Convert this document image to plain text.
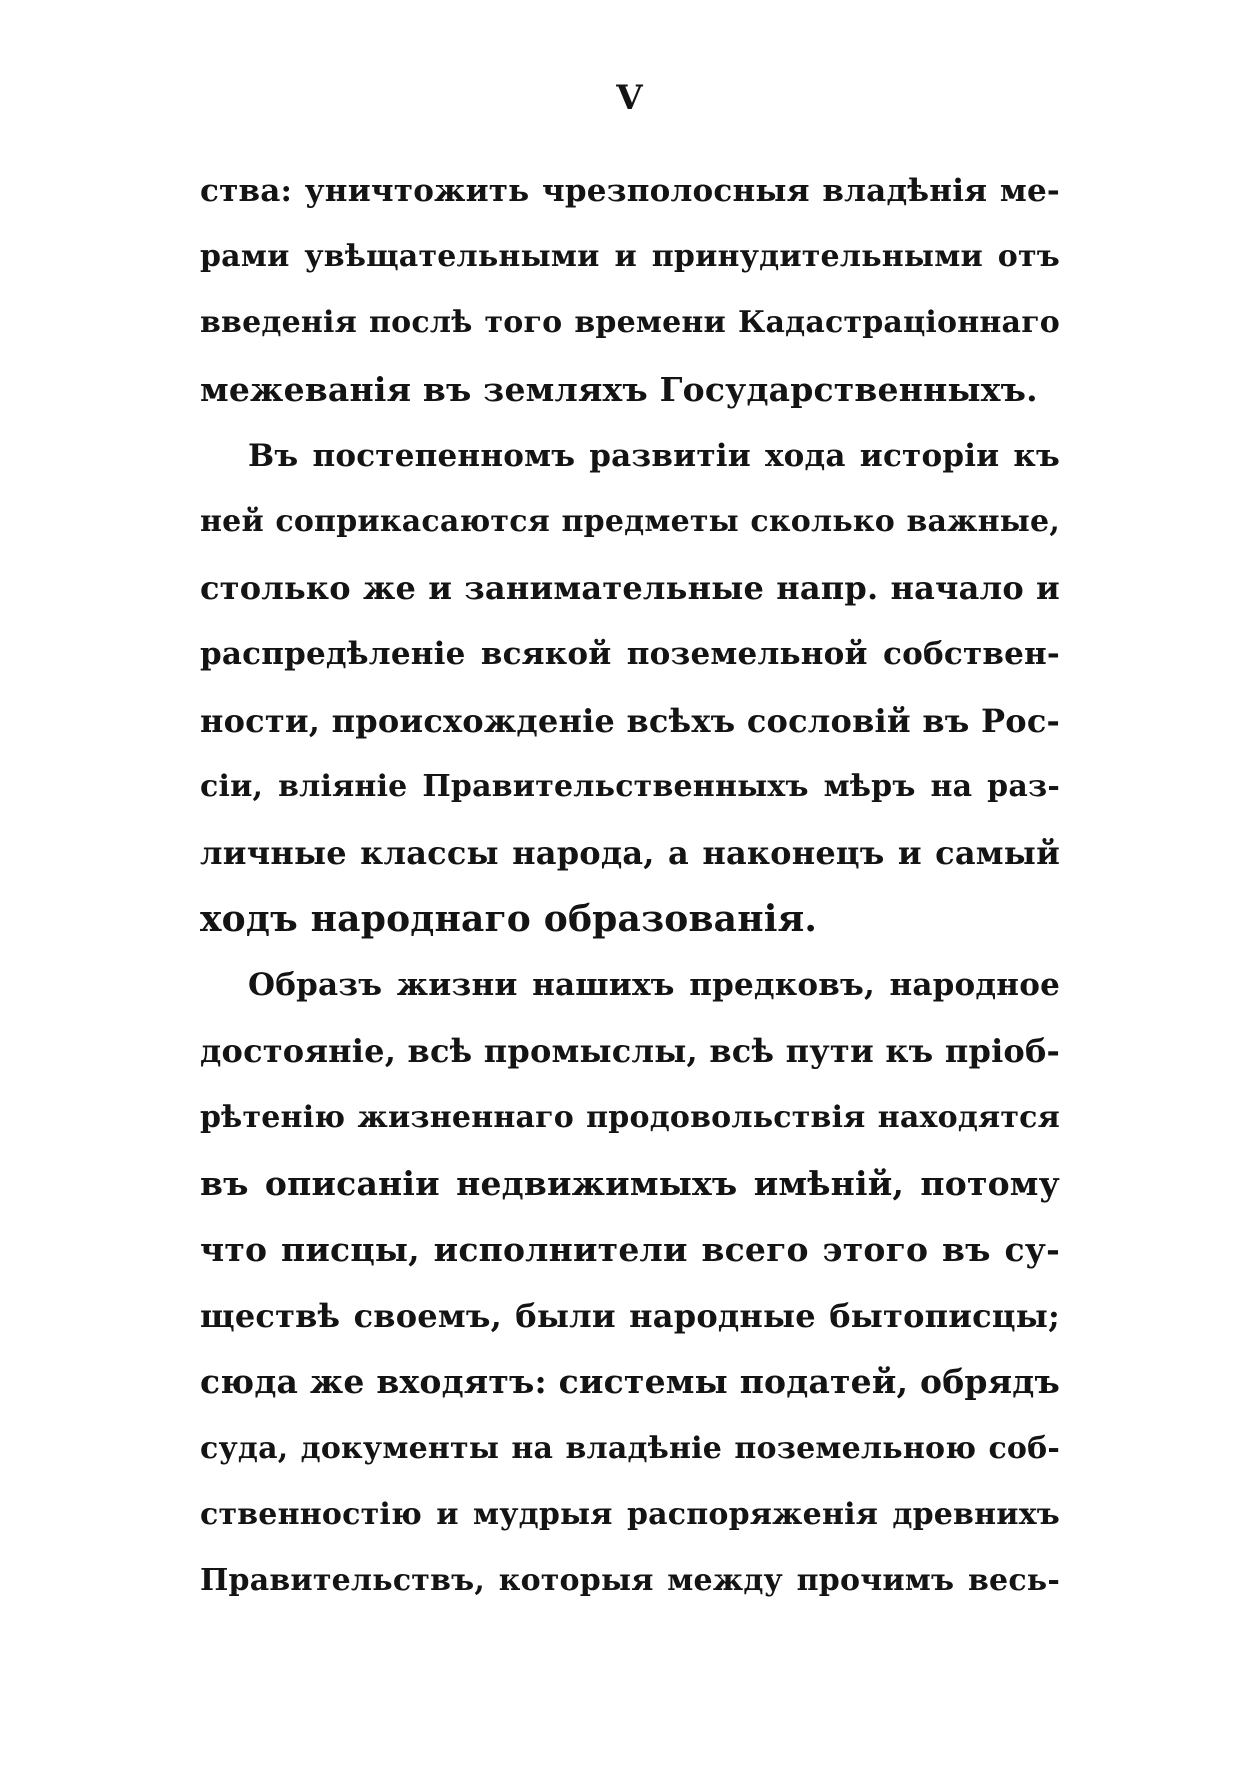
V
ства: уничтожить чрезполосныя владѣнія ме-
рами увѣщательными и принудительными отъ
введенія послѣ того времени Кадастраціоннаго
межеванія въ земляхъ Государственныхъ.
Въ постепенномъ развитіи хода исторіи къ
ней соприкасаются предметы сколько важные,
столько же и занимательные напр. начало и
распредѣленіе всякой поземельной собствен-
ности, происхожденіе всѣхъ сословій въ Рос-
сіи, вліяніе Правительственныхъ мѣръ на раз-
личные классы народа, а наконецъ и самый
ходъ народнаго образованія.
Образъ жизни нашихъ предковъ, народное
достояніе, всѣ промыслы, всѣ пути къ пріоб-
рѣтенію жизненнаго продовольствія находятся
въ описаніи недвижимыхъ имѣній, потому
что писцы, исполнители всего этого въ су-
ществѣ своемъ, были народные бытописцы;
сюда же входятъ: системы податей, обрядъ
суда, документы на владѣніе поземельною соб-
ственностію и мудрыя распоряженія древнихъ
Правительствъ, которыя между прочимъ весь-
